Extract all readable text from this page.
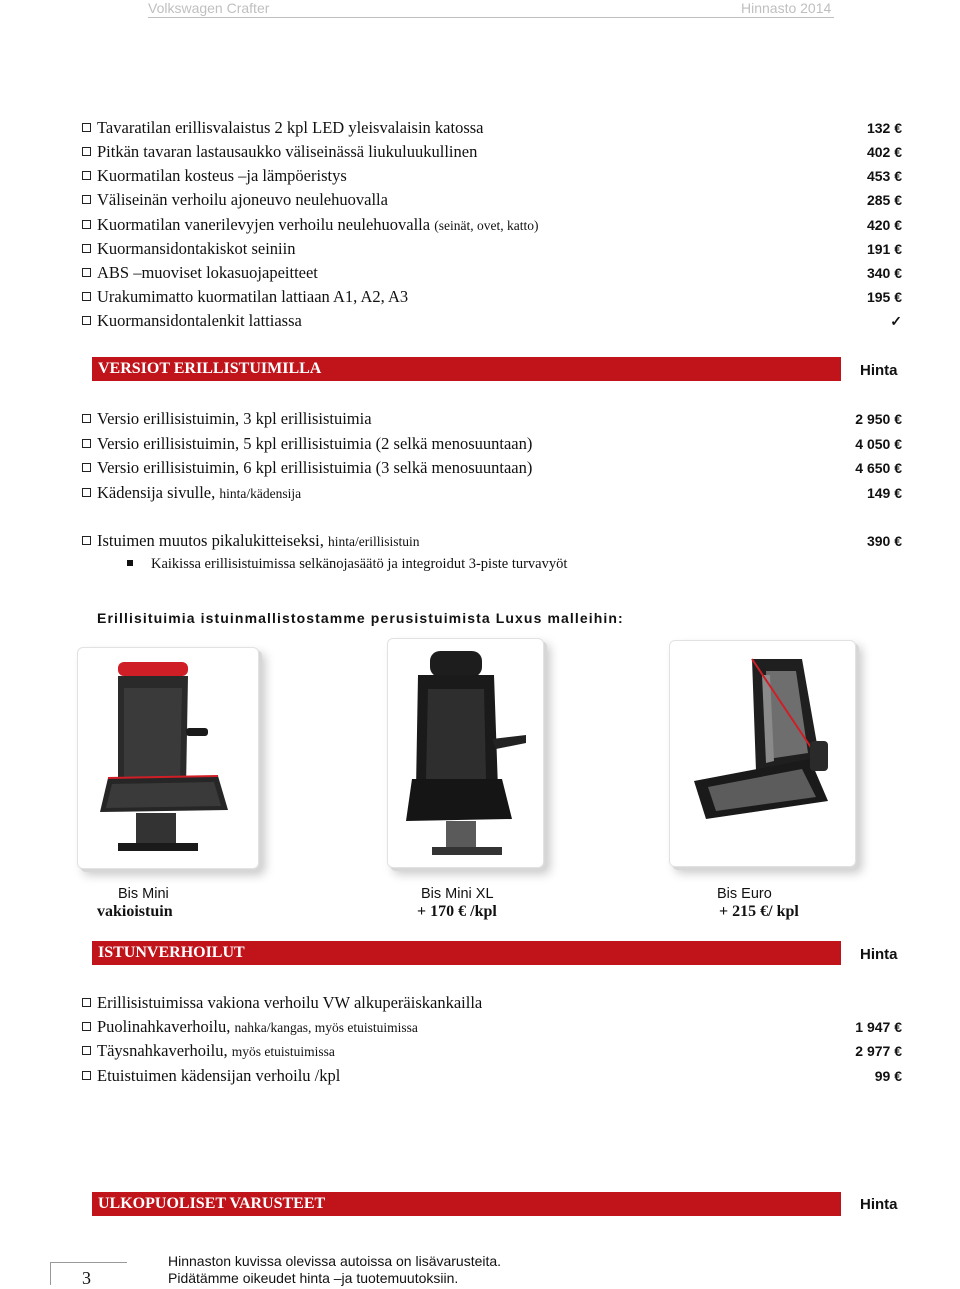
Volkswagen Crafter	Hinnasto 2014
Tavaratilan erillisvalaistus 2 kpl LED yleisvalaisin katossa	132 €
Pitkän tavaran lastausaukko väliseinässä liukuluukullinen	402 €
Kuormatilan kosteus –ja lämpöeristys	453 €
Väliseinän verhoilu ajoneuvo neulehuovalla	285 €
Kuormatilan vanerilevyjen verhoilu neulehuovalla (seinät, ovet, katto)	420 €
Kuormansidontakiskot seiniin	191 €
ABS –muoviset lokasuojapeitteet	340 €
Urakumimatto kuormatilan lattiaan A1, A2, A3	195 €
Kuormansidontalenkit lattiassa	✓
VERSIOT ERILLISTUIMILLA	Hinta
Versio erillisistuimin, 3 kpl erillisistuimia	2 950 €
Versio erillisistuimin, 5 kpl erillisistuimia (2 selkä menosuuntaan)	4 050 €
Versio erillisistuimin, 6 kpl erillisistuimia (3 selkä menosuuntaan)	4 650 €
Kädensija sivulle, hinta/kädensija	149 €
Istuimen muutos pikalukitteiseksi, hinta/erillisistuin	390 €
Kaikissa erillisistuimissa selkänojasäätö ja integroidut 3-piste turvavyöt
Erillisituimia istuinmallistostamme perusistuimista Luxus malleihin:
Bis Mini
vakioistuin
Bis Mini XL
+ 170 € /kpl
Bis Euro
+ 215 €/ kpl
ISTUNVERHOILUT	Hinta
Erillisistuimissa vakiona verhoilu VW alkuperäiskankailla
Puolinahkaverhoilu, nahka/kangas, myös etuistuimissa	1 947 €
Täysnahkaverhoilu, myös etuistuimissa	2 977 €
Etuistuimen kädensijan verhoilu /kpl	99 €
ULKOPUOLISET VARUSTEET	Hinta
3
Hinnaston kuvissa olevissa autoissa on lisävarusteita.
Pidätämme oikeudet hinta –ja tuotemuutoksiin.
